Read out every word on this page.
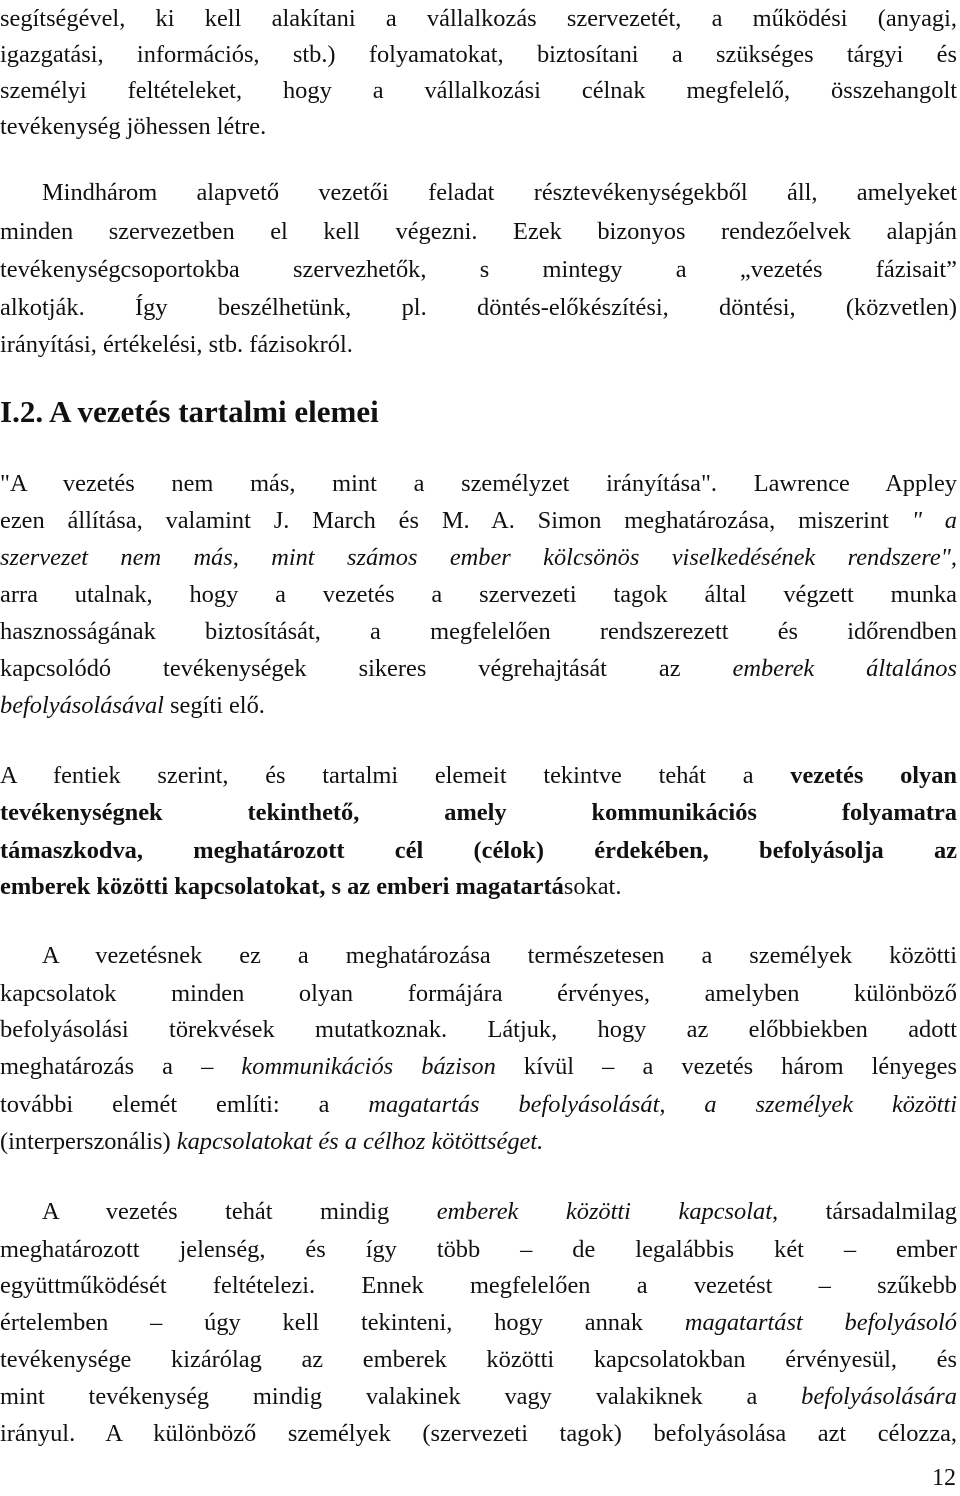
segítségével, ki kell alakítani a vállalkozás szervezetét, a működési (anyagi,
igazgatási, információs, stb.) folyamatokat, biztosítani a szükséges tárgyi és
személyi feltételeket, hogy a vállalkozási célnak megfelelő, összehangolt
tevékenység jöhessen létre.
Mindhárom alapvető vezetői feladat résztevékenységekből áll, amelyeket
minden szervezetben el kell végezni. Ezek bizonyos rendezőelvek alapján
tevékenységcsoportokba szervezhetők, s mintegy a „vezetés fázisait”
alkotják. Így beszélhetünk, pl. döntés-előkészítési, döntési, (közvetlen)
irányítási, értékelési, stb. fázisokról.
I.2. A vezetés tartalmi elemei
"A vezetés nem más, mint a személyzet irányítása". Lawrence Appley
ezen állítása, valamint J. March és M. A. Simon meghatározása, miszerint " a
szervezet nem más, mint számos ember kölcsönös viselkedésének rendszere",
arra utalnak, hogy a vezetés a szervezeti tagok által végzett munka
hasznosságának biztosítását, a megfelelően rendszerezett és időrendben
kapcsolódó tevékenységek sikeres végrehajtását az emberek általános
befolyásolásával segíti elő.
A fentiek szerint, és tartalmi elemeit tekintve tehát a vezetés olyan
tevékenységnek tekinthető, amely kommunikációs folyamatra
támaszkodva, meghatározott cél (célok) érdekében, befolyásolja az
emberek közötti kapcsolatokat, s az emberi magatartásokat.
A vezetésnek ez a meghatározása természetesen a személyek közötti
kapcsolatok minden olyan formájára érvényes, amelyben különböző
befolyásolási törekvések mutatkoznak. Látjuk, hogy az előbbiekben adott
meghatározás a – kommunikációs bázison kívül – a vezetés három lényeges
további elemét említi: a magatartás befolyásolását, a személyek közötti
(interperszonális) kapcsolatokat és a célhoz kötöttséget.
A vezetés tehát mindig emberek közötti kapcsolat, társadalmilag
meghatározott jelenség, és így több – de legalábbis két – ember
együttműködését feltételezi. Ennek megfelelően a vezetést – szűkebb
értelemben – úgy kell tekinteni, hogy annak magatartást befolyásoló
tevékenysége kizárólag az emberek közötti kapcsolatokban érvényesül, és
mint tevékenység mindig valakinek vagy valakiknek a befolyásolására
irányul. A különböző személyek (szervezeti tagok) befolyásolása azt célozza,
12
